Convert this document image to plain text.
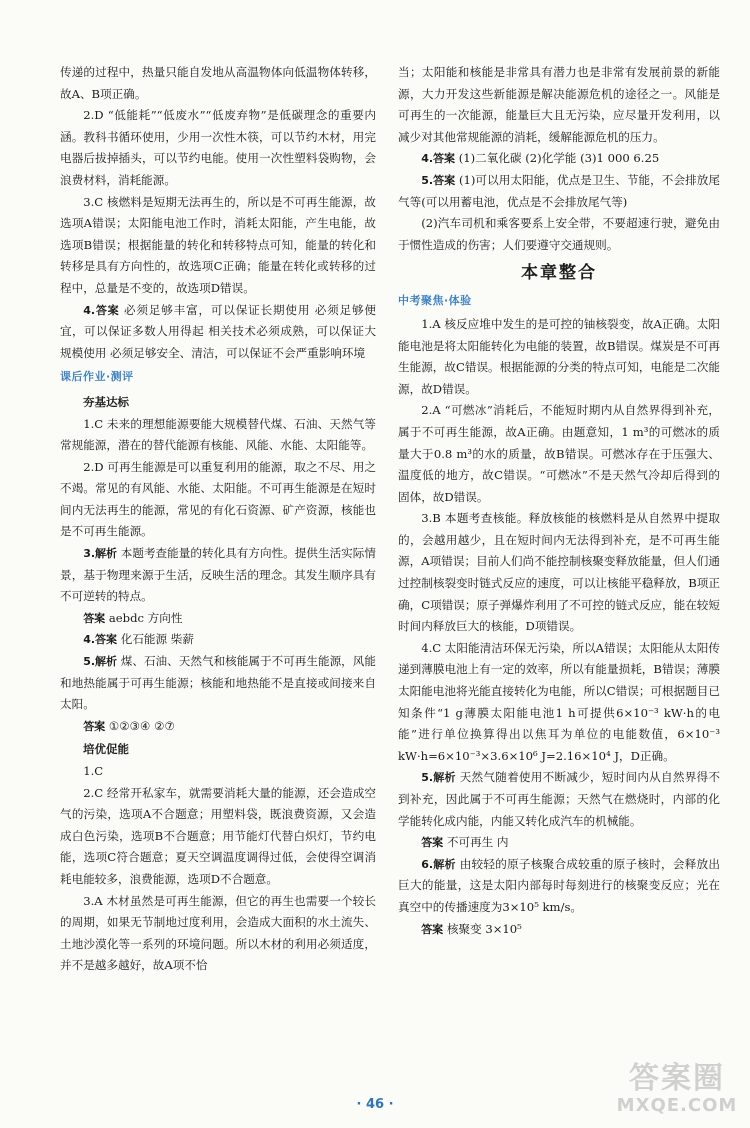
传递的过程中，热量只能自发地从高温物体向低温物体转移，故A、B项正确。

2.D “低能耗”“低废水”“低废弃物”是低碳理念的重要内涵。教科书循环使用，少用一次性木筷，可以节约木材，用完电器后拔掉插头，可以节约电能。使用一次性塑料袋购物，会浪费材料，消耗能源。

3.C 核燃料是短期无法再生的，所以是不可再生能源，故选项A错误；太阳能电池工作时，消耗太阳能，产生电能，故选项B错误；根据能量的转化和转移特点可知，能量的转化和转移是具有方向性的，故选项C正确；能量在转化或转移的过程中，总量是不变的，故选项D错误。

4.答案 必须足够丰富，可以保证长期使用 必须足够便宜，可以保证多数人用得起 相关技术必须成熟，可以保证大规模使用 必须足够安全、清洁，可以保证不会严重影响环境

课后作业·测评
夯基达标

1.C 未来的理想能源要能大规模替代煤、石油、天然气等常规能源，潜在的替代能源有核能、风能、水能、太阳能等。

2.D 可再生能源是可以重复利用的能源，取之不尽、用之不竭。常见的有风能、水能、太阳能。不可再生能源是在短时间内无法再生的能源，常见的有化石资源、矿产资源，核能也是不可再生能源。

3.解析 本题考查能量的转化具有方向性。提供生活实际情景，基于物理来源于生活，反映生活的理念。其发生顺序具有不可逆转的特点。

答案 aebdc 方向性

4.答案 化石能源 柴薪

5.解析 煤、石油、天然气和核能属于不可再生能源，风能和地热能属于可再生能源；核能和地热能不是直接或间接来自太阳。

答案 ①②③④ ②⑦

培优促能

1.C

2.C 经常开私家车，就需要消耗大量的能源，还会造成空气的污染，选项A不合题意；用塑料袋，既浪费资源，又会造成白色污染，选项B不合题意；用节能灯代替白炽灯，节约电能，选项C符合题意；夏天空调温度调得过低，会使得空调消耗电能较多，浪费能源，选项D不合题意。

3.A 木材虽然是可再生能源，但它的再生也需要一个较长的周期，如果无节制地过度利用，会造成大面积的水土流失、土地沙漠化等一系列的环境问题。所以木材的利用必须适度，并不是越多越好，故A项不恰

当；太阳能和核能是非常具有潜力也是非常有发展前景的新能源，大力开发这些新能源是解决能源危机的途径之一。风能是可再生的一次能源，能量巨大且无污染，应尽量开发利用，以减少对其他常规能源的消耗，缓解能源危机的压力。

4.答案 (1)二氧化碳 (2)化学能 (3)1 000 6.25

5.答案 (1)可以用太阳能，优点是卫生、节能，不会排放尾气等(可以用蓄电池，优点是不会排放尾气等)

(2)汽车司机和乘客要系上安全带，不要超速行驶，避免由于惯性造成的伤害；人们要遵守交通规则。

本章整合
中考聚焦·体验

1.A 核反应堆中发生的是可控的铀核裂变，故A正确。太阳能电池是将太阳能转化为电能的装置，故B错误。煤炭是不可再生能源，故C错误。根据能源的分类的特点可知，电能是二次能源，故D错误。

2.A “可燃冰”消耗后，不能短时期内从自然界得到补充，属于不可再生能源，故A正确。由题意知，1 m³的可燃冰的质量大于0.8 m³的水的质量，故B错误。可燃冰存在于压强大、温度低的地方，故C错误。“可燃冰”不是天然气冷却后得到的固体，故D错误。

3.B 本题考查核能。释放核能的核燃料是从自然界中提取的，会越用越少，且在短时间内无法得到补充，是不可再生能源，A项错误；目前人们尚不能控制核聚变释放能量，但人们通过控制核裂变时链式反应的速度，可以让核能平稳释放，B项正确，C项错误；原子弹爆炸利用了不可控的链式反应，能在较短时间内释放巨大的核能，D项错误。

4.C 太阳能清洁环保无污染，所以A错误；太阳能从太阳传递到薄膜电池上有一定的效率，所以有能量损耗，B错误；薄膜太阳能电池将光能直接转化为电能，所以C错误；可根据题目已知条件“1 g薄膜太阳能电池1 h可提供6×10⁻³ kW·h的电能”进行单位换算得出以焦耳为单位的电能数值，6×10⁻³ kW·h=6×10⁻³×3.6×10⁶ J=2.16×10⁴ J，D正确。

5.解析 天然气随着使用不断减少，短时间内从自然界得不到补充，因此属于不可再生能源；天然气在燃烧时，内部的化学能转化成内能，内能又转化成汽车的机械能。

答案 不可再生 内

6.解析 由较轻的原子核聚合成较重的原子核时，会释放出巨大的能量，这是太阳内部每时每刻进行的核聚变反应；光在真空中的传播速度为3×10⁵ km/s。

答案 核聚变 3×10⁵

· 46 ·
答案圈
MXQE.COM
